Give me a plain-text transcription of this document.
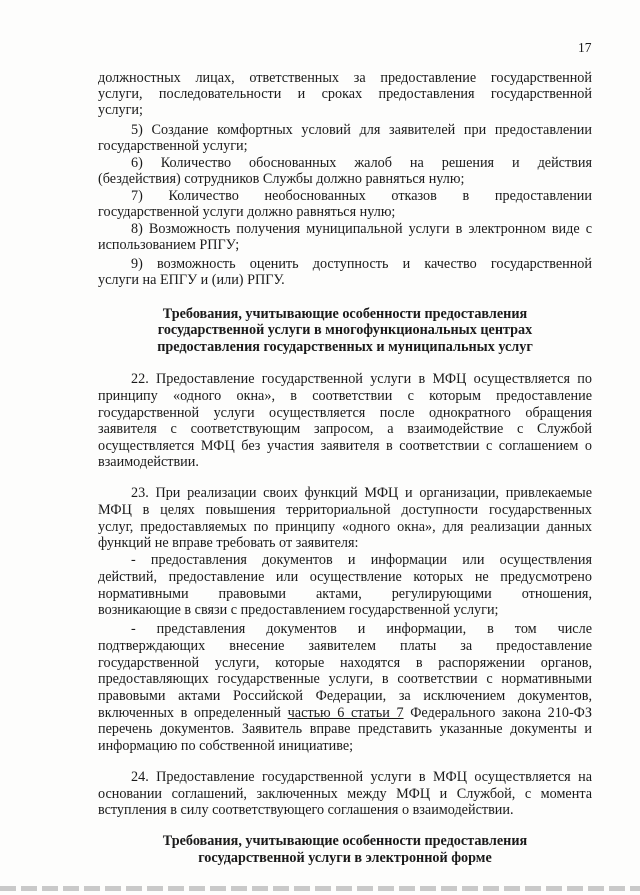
17
должностных лицах, ответственных за предоставление государственной
услуги, последовательности и сроках предоставления государственной
услуги;
5) Создание комфортных условий для заявителей при предоставлении
государственной услуги;
6) Количество обоснованных жалоб на решения и действия
(бездействия) сотрудников Службы должно равняться нулю;
7) Количество необоснованных отказов в предоставлении
государственной услуги должно равняться нулю;
8) Возможность получения муниципальной услуги в электронном виде с
использованием РПГУ;
9) возможность оценить доступность и качество государственной
услуги на ЕПГУ и (или) РПГУ.
Требования, учитывающие особенности предоставления
государственной услуги в многофункциональных центрах
предоставления государственных и муниципальных услуг
22. Предоставление государственной услуги в МФЦ осуществляется по
принципу «одного окна», в соответствии с которым предоставление
государственной услуги осуществляется после однократного обращения
заявителя с соответствующим запросом, а взаимодействие с Службой
осуществляется МФЦ без участия заявителя в соответствии с соглашением о
взаимодействии.
23. При реализации своих функций МФЦ и организации, привлекаемые
МФЦ в целях повышения территориальной доступности государственных
услуг, предоставляемых по принципу «одного окна», для реализации данных
функций не вправе требовать от заявителя:
- предоставления документов и информации или осуществления
действий, предоставление или осуществление которых не предусмотрено
нормативными правовыми актами, регулирующими отношения,
возникающие в связи с предоставлением государственной услуги;
- представления документов и информации, в том числе
подтверждающих внесение заявителем платы за предоставление
государственной услуги, которые находятся в распоряжении органов,
предоставляющих государственные услуги, в соответствии с нормативными
правовыми актами Российской Федерации, за исключением документов,
включенных в определенный частью 6 статьи 7 Федерального закона 210-ФЗ
перечень документов. Заявитель вправе представить указанные документы и
информацию по собственной инициативе;
24. Предоставление государственной услуги в МФЦ осуществляется на
основании соглашений, заключенных между МФЦ и Службой, с момента
вступления в силу соответствующего соглашения о взаимодействии.
Требования, учитывающие особенности предоставления
государственной услуги в электронной форме
